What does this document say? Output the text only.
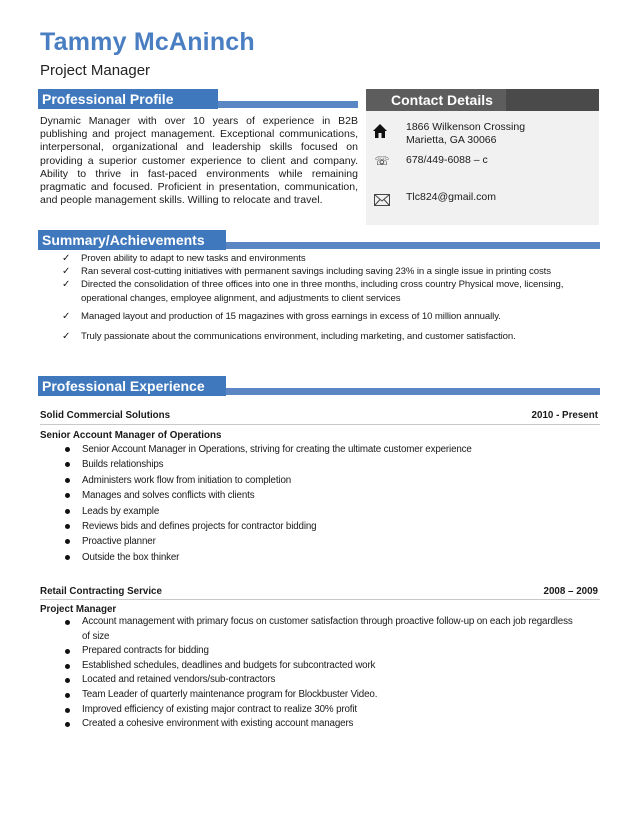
Tammy McAninch
Project Manager
Professional Profile	Contact Details
1866 Wilkenson Crossing
Marietta, GA 30066
☏ 678/449-6088 – c
Tlc824@gmail.com
Dynamic Manager with over 10 years of experience in B2B publishing and project management. Exceptional communications, interpersonal, organizational and leadership skills focused on providing a superior customer experience to client and company. Ability to thrive in fast-paced environments while remaining pragmatic and focused. Proficient in presentation, communication, and people management skills. Willing to relocate and travel.
Summary/Achievements
✓ Proven ability to adapt to new tasks and environments
✓ Ran several cost-cutting initiatives with permanent savings including saving 23% in a single issue in printing costs
✓ Directed the consolidation of three offices into one in three months, including cross country Physical move, licensing, operational changes, employee alignment, and adjustments to client services
✓ Managed layout and production of 15 magazines with gross earnings in excess of 10 million annually.
✓ Truly passionate about the communications environment, including marketing, and customer satisfaction.
Professional Experience
Solid Commercial Solutions	2010 - Present
Senior Account Manager of Operations
Senior Account Manager in Operations, striving for creating the ultimate customer experience
Builds relationships
Administers work flow from initiation to completion
Manages and solves conflicts with clients
Leads by example
Reviews bids and defines projects for contractor bidding
Proactive planner
Outside the box thinker
Retail Contracting Service	2008 – 2009
Project Manager
Account management with primary focus on customer satisfaction through proactive follow-up on each job regardless of size
Prepared contracts for bidding
Established schedules, deadlines and budgets for subcontracted work
Located and retained vendors/sub-contractors
Team Leader of quarterly maintenance program for Blockbuster Video.
Improved efficiency of existing major contract to realize 30% profit
Created a cohesive environment with existing account managers
